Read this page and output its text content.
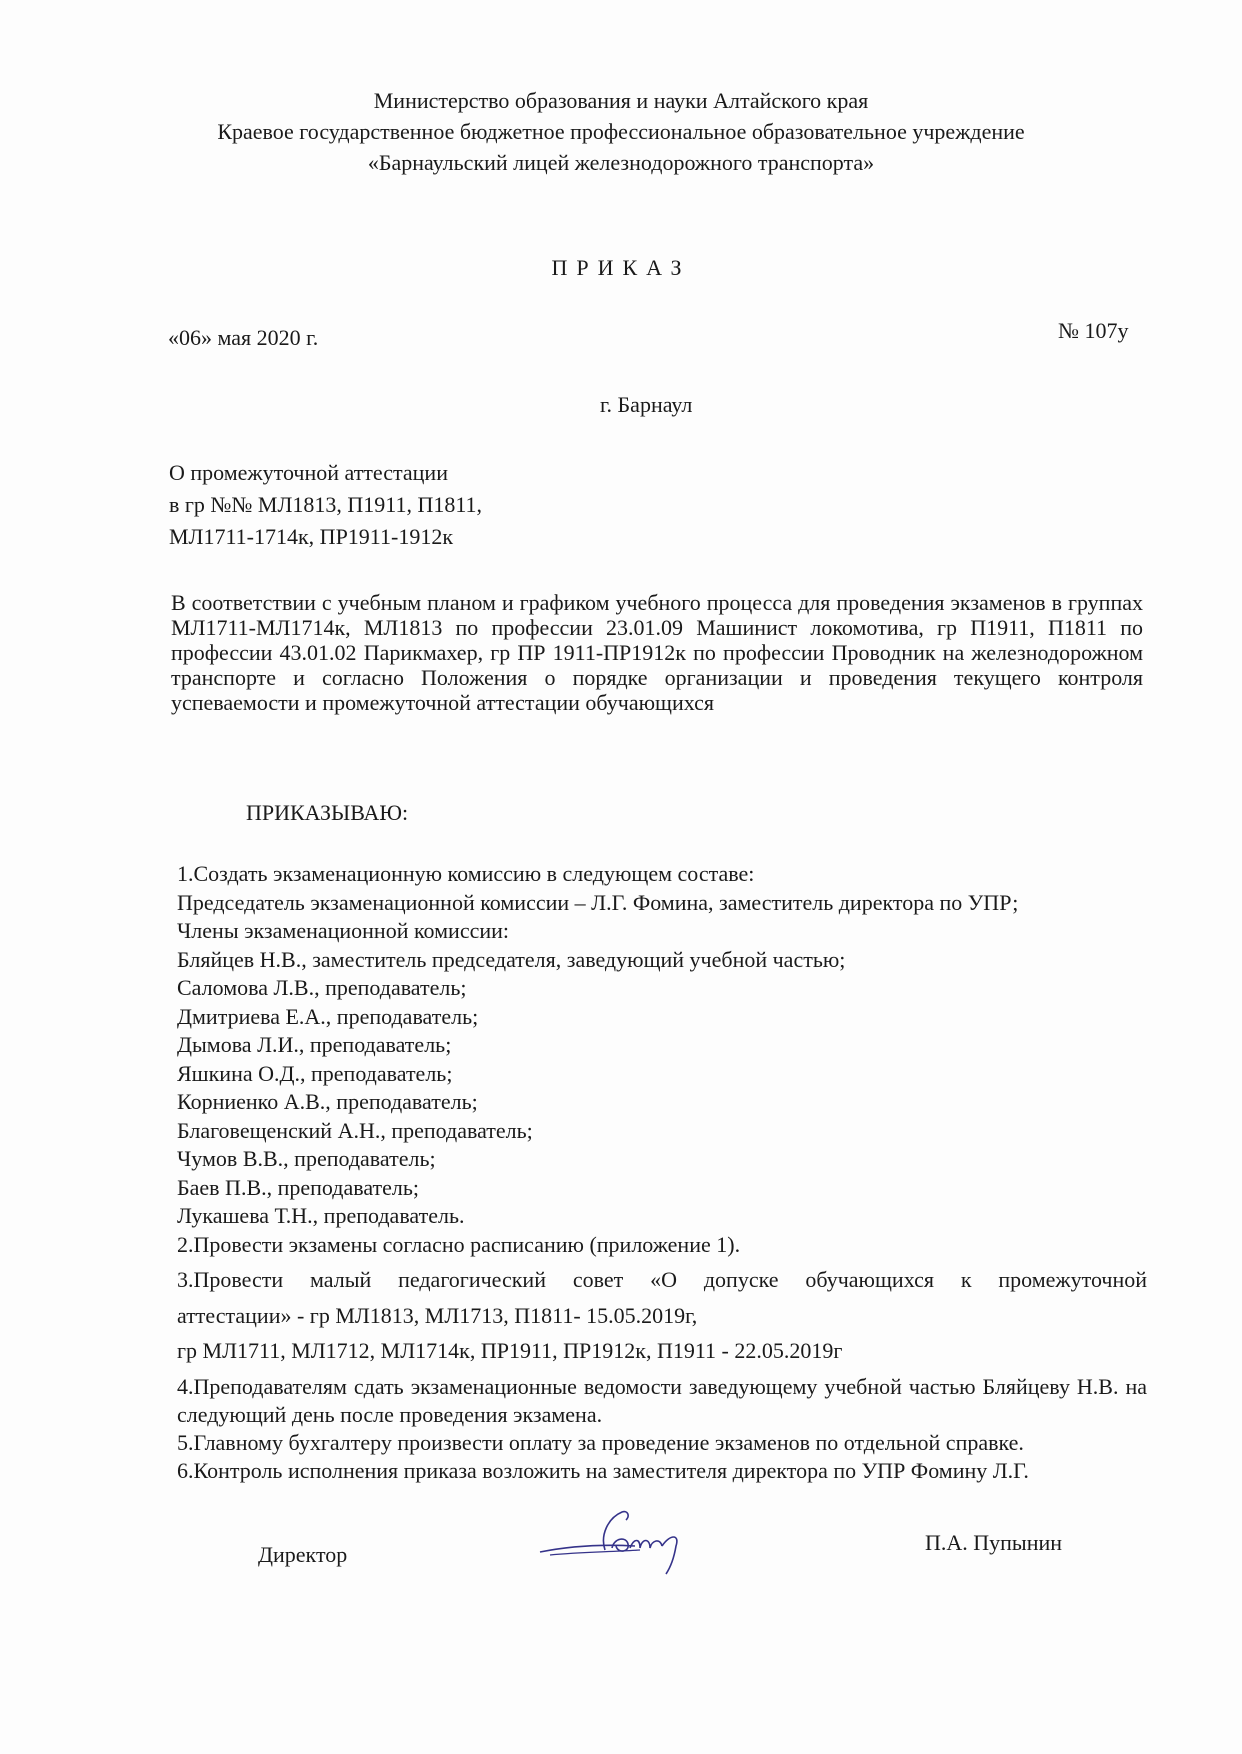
Министерство образования и науки Алтайского края
Краевое государственное бюджетное профессиональное образовательное учреждение
«Барнаульский лицей железнодорожного транспорта»
ПРИКАЗ
«06» мая 2020 г.	№ 107у
г. Барнаул
О промежуточной аттестации
в гр №№ МЛ1813, П1911, П1811,
МЛ1711-1714к, ПР1911-1912к
В соответствии с учебным планом и графиком учебного процесса для проведения экзаменов в группах МЛ1711-МЛ1714к, МЛ1813 по профессии 23.01.09 Машинист локомотива, гр П1911, П1811 по профессии 43.01.02 Парикмахер, гр ПР 1911-ПР1912к по профессии Проводник на железнодорожном транспорте и согласно Положения о порядке организации и проведения текущего контроля успеваемости и промежуточной аттестации обучающихся
ПРИКАЗЫВАЮ:
1.Создать экзаменационную комиссию в следующем составе:
Председатель экзаменационной комиссии – Л.Г. Фомина, заместитель директора по УПР;
Члены экзаменационной комиссии:
Бляйцев Н.В., заместитель председателя, заведующий учебной частью;
Саломова Л.В., преподаватель;
Дмитриева Е.А., преподаватель;
Дымова Л.И., преподаватель;
Яшкина О.Д., преподаватель;
Корниенко А.В., преподаватель;
Благовещенский А.Н., преподаватель;
Чумов В.В., преподаватель;
Баев П.В., преподаватель;
Лукашева Т.Н., преподаватель.
2.Провести экзамены согласно расписанию (приложение 1).
3.Провести малый педагогический совет «О допуске обучающихся к промежуточной
аттестации» - гр МЛ1813, МЛ1713, П1811- 15.05.2019г,
гр МЛ1711, МЛ1712, МЛ1714к, ПР1911, ПР1912к, П1911 - 22.05.2019г
4.Преподавателям сдать экзаменационные ведомости заведующему учебной частью Бляйцеву Н.В. на следующий день после проведения экзамена.
5.Главному бухгалтеру произвести оплату за проведение экзаменов по отдельной справке.
6.Контроль исполнения приказа возложить на заместителя директора по УПР Фомину Л.Г.
Директор	П.А. Пупынин
